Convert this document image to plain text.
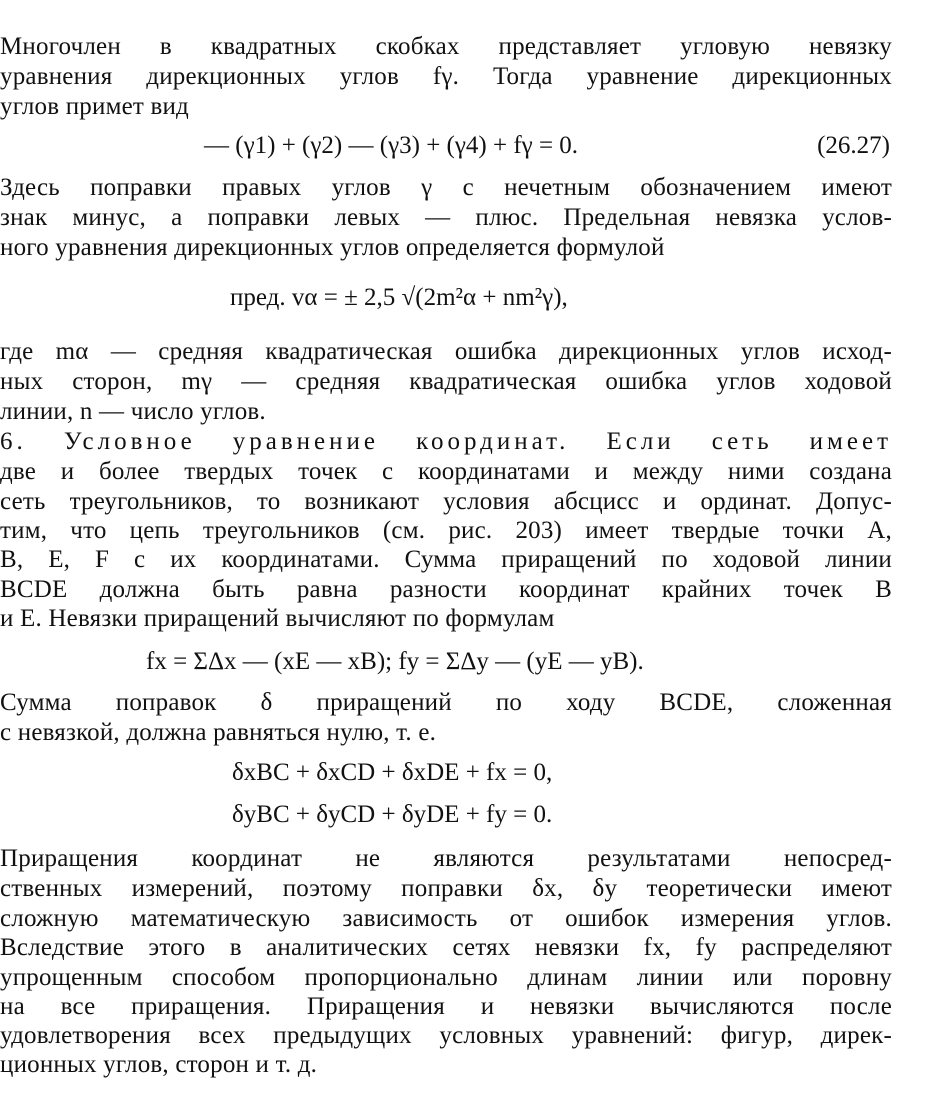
Многочлен в квадратных скобках представляет угловую невязку
уравнения дирекционных углов fγ. Тогда уравнение дирекционных
углов примет вид
— (γ1) + (γ2) — (γ3) + (γ4) + fγ = 0.	(26.27)
Здесь поправки правых углов γ с нечетным обозначением имеют
знак минус, а поправки левых — плюс. Предельная невязка услов-
ного уравнения дирекционных углов определяется формулой
пред. vα = ± 2,5 √(2m²α + nm²γ),
где mα — средняя квадратическая ошибка дирекционных углов исход-
ных сторон, mγ — средняя квадратическая ошибка углов ходовой
линии, n — число углов.
6. Условное уравнение координат. Если сеть имеет
две и более твердых точек с координатами и между ними создана
сеть треугольников, то возникают условия абсцисс и ординат. Допус-
тим, что цепь треугольников (см. рис. 203) имеет твердые точки A,
B, E, F с их координатами. Сумма приращений по ходовой линии
BCDE должна быть равна разности координат крайних точек B
и E. Невязки приращений вычисляют по формулам
fx = ΣΔx — (xE — xB); fy = ΣΔy — (yE — yB).
Сумма поправок δ приращений по ходу BCDE, сложенная
с невязкой, должна равняться нулю, т. е.
δxBC + δxCD + δxDE + fx = 0,
δyBC + δyCD + δyDE + fy = 0.
Приращения координат не являются результатами непосред-
ственных измерений, поэтому поправки δx, δy теоретически имеют
сложную математическую зависимость от ошибок измерения углов.
Вследствие этого в аналитических сетях невязки fx, fy распределяют
упрощенным способом пропорционально длинам линии или поровну
на все приращения. Приращения и невязки вычисляются после
удовлетворения всех предыдущих условных уравнений: фигур, дирек-
ционных углов, сторон и т. д.
